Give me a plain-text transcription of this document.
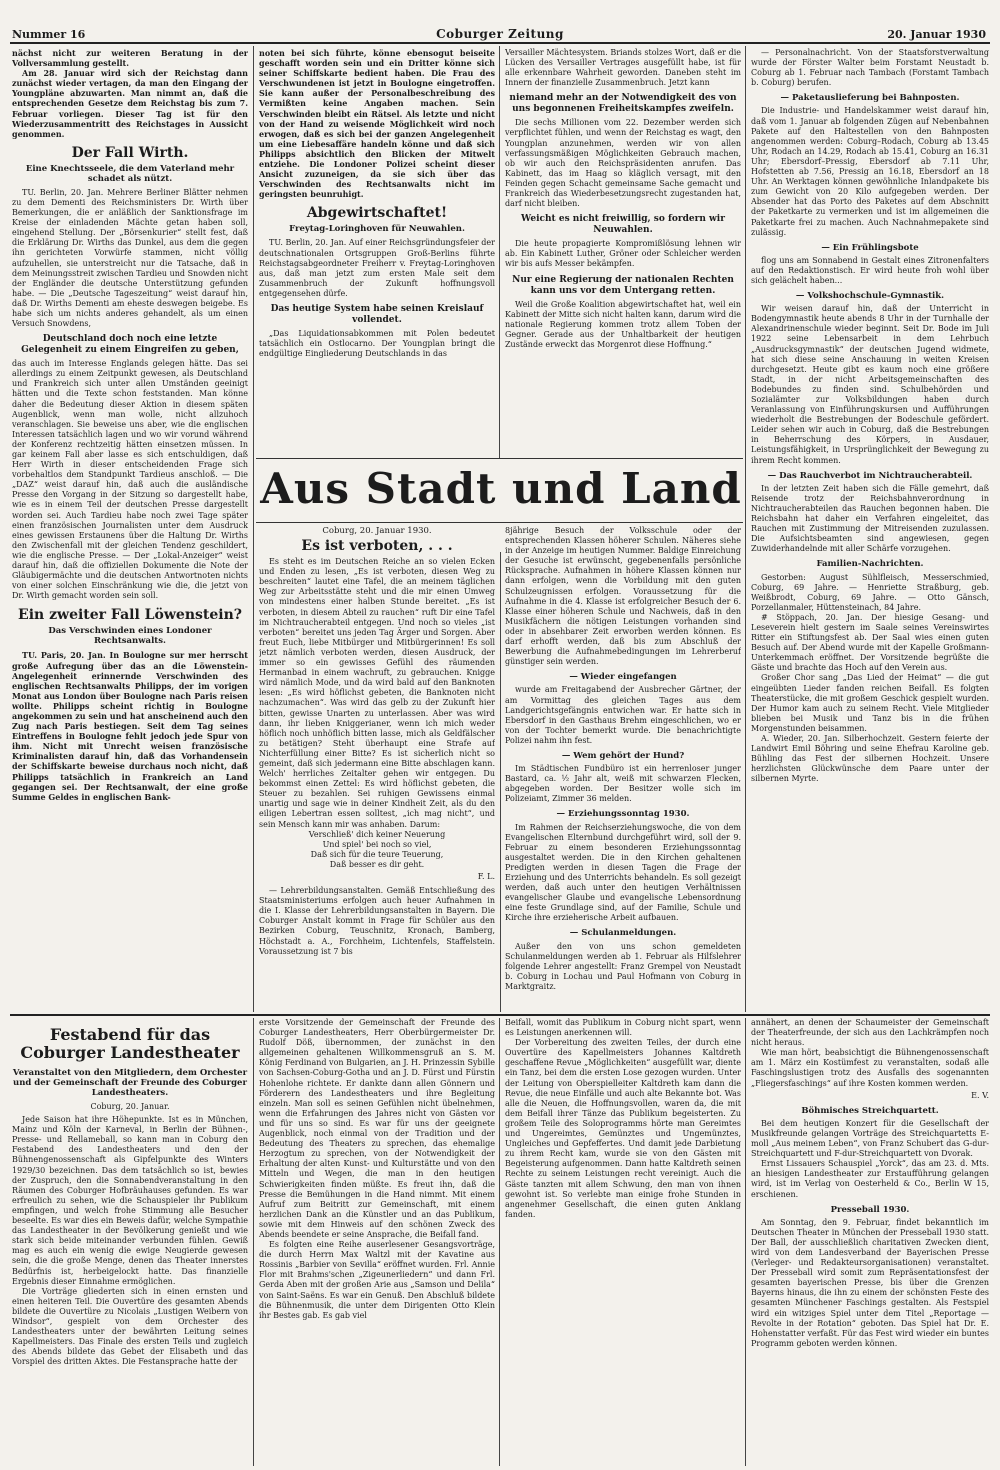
Nummer 16	Coburger Zeitung	20. Januar 1930

nächst nicht zur weiteren Beratung in der Vollversammlung gestellt.

Am 28. Januar wird sich der Reichstag dann zunächst wieder vertagen, da man den Eingang der Youngpläne abzuwarten. Man nimmt an, daß die entsprechenden Gesetze dem Reichstag bis zum 7. Februar vorliegen. Dieser Tag ist für den Wiederzusammentritt des Reichstages in Aussicht genommen.

Der Fall Wirth.
Eine Knechtsseele, die dem Vaterland mehr schadet als nützt.

TU. Berlin, 20. Jan. Mehrere Berliner Blätter nehmen zu dem Dementi des Reichsministers Dr. Wirth über Bemerkungen, die er anläßlich der Sanktionsfrage im Kreise der einladenden Mächte getan haben soll, eingehend Stellung. Der „Börsenkurier“ stellt fest, daß die Erklärung Dr. Wirths das Dunkel, aus dem die gegen ihn gerichteten Vorwürfe stammen, nicht völlig aufzuhellen, sie unterstreicht nur die Tatsache, daß in dem Meinungsstreit zwischen Tardieu und Snowden nicht der Engländer die deutsche Unterstützung gefunden habe. — Die „Deutsche Tageszeitung“ weist darauf hin, daß Dr. Wirths Dementi am eheste deswegen beigebe. Es habe sich um nichts anderes gehandelt, als um einen Versuch Snowdens,

Deutschland doch noch eine letzte Gelegenheit zu einem Eingreifen zu geben,

das auch im Interesse Englands gelegen hätte. Das sei allerdings zu einem Zeitpunkt gewesen, als Deutschland und Frankreich sich unter allen Umständen geeinigt hätten und die Texte schon feststanden. Man könne daher die Bedeutung dieser Aktion in diesem späten Augenblick, wenn man wolle, nicht allzuhoch veranschlagen. Sie beweise uns aber, wie die englischen Interessen tatsächlich lagen und wo wir vorund während der Konferenz rechtzeitig hätten einsetzen müssen. In gar keinem Fall aber lasse es sich entschuldigen, daß Herr Wirth in dieser entscheidenden Frage sich vorbehaltlos dem Standpunkt Tardieus anschloß. — Die „DAZ“ weist darauf hin, daß auch die ausländische Presse den Vorgang in der Sitzung so dargestellt habe, wie es in einem Teil der deutschen Presse dargestellt worden sei. Auch Tardieu habe noch zwei Tage später einen französischen Journalisten unter dem Ausdruck eines gewissen Erstaunens über die Haltung Dr. Wirths den Zwischenfall mit der gleichen Tendenz geschildert, wie die englische Presse. — Der „Lokal-Anzeiger“ weist darauf hin, daß die offiziellen Dokumente die Note der Gläubigermächte und die deutschen Antwortnoten nichts von einer solchen Einschränkung wie die, die jetzt von Dr. Wirth gemacht worden sein soll.

Ein zweiter Fall Löwenstein?
Das Verschwinden eines Londoner Rechtsanwalts.

TU. Paris, 20. Jan. In Boulogne sur mer herrscht große Aufregung über das an die Löwenstein-Angelegenheit erinnernde Verschwinden des englischen Rechtsanwalts Philipps, der im vorigen Monat aus London über Boulogne nach Paris reisen wollte. Philipps scheint richtig in Boulogne angekommen zu sein und hat anscheinend auch den Zug nach Paris bestiegen. Seit dem Tag seines Eintreffens in Boulogne fehlt jedoch jede Spur von ihm. Nicht mit Unrecht weisen französische Kriminalisten darauf hin, daß das Vorhandensein der Schiffskarte beweise durchaus noch nicht, daß Philipps tatsächlich in Frankreich an Land gegangen sei. Der Rechtsanwalt, der eine große Summe Geldes in englischen Bank-

noten bei sich führte, könne ebensogut beiseite geschafft worden sein und ein Dritter könne sich seiner Schiffskarte bedient haben. Die Frau des Verschwundenen ist jetzt in Boulogne eingetroffen. Sie kann außer der Personalbeschreibung des Vermißten keine Angaben machen. Sein Verschwinden bleibt ein Rätsel. Als letzte und nicht von der Hand zu weisende Möglichkeit wird noch erwogen, daß es sich bei der ganzen Angelegenheit um eine Liebesaffäre handeln könne und daß sich Philipps absichtlich den Blicken der Mitwelt entziehe. Die Londoner Polizei scheint dieser Ansicht zuzuneigen, da sie sich über das Verschwinden des Rechtsanwalts nicht im geringsten beunruhigt.

Abgewirtschaftet!
Freytag-Loringhoven für Neuwahlen.

TU. Berlin, 20. Jan. Auf einer Reichsgründungsfeier der deutschnationalen Ortsgruppen Groß-Berlins führte Reichstagsabgeordneter Freiherr v. Freytag-Loringhoven aus, daß man jetzt zum ersten Male seit dem Zusammenbruch der Zukunft hoffnungsvoll entgegensehen dürfe.

Das heutige System habe seinen Kreislauf vollendet.

„Das Liquidationsabkommen mit Polen bedeutet tatsächlich ein Ostlocarno. Der Youngplan bringt die endgültige Eingliederung Deutschlands in das

Versailler Mächtesystem. Briands stolzes Wort, daß er die Lücken des Versailler Vertrages ausgefüllt habe, ist für alle erkennbare Wahrheit geworden. Daneben steht im Innern der finanzielle Zusammenbruch. Jetzt kann

niemand mehr an der Notwendigkeit des von uns begonnenen Freiheitskampfes zweifeln.

Die sechs Millionen vom 22. Dezember werden sich verpflichtet fühlen, und wenn der Reichstag es wagt, den Youngplan anzunehmen, werden wir von allen verfassungsmäßigen Möglichkeiten Gebrauch machen, ob wir auch den Reichspräsidenten anrufen. Das Kabinett, das im Haag so kläglich versagt, mit den Feinden gegen Schacht gemeinsame Sache gemacht und Frankreich das Wiederbesetzungsrecht zugestanden hat, darf nicht bleiben.

Weicht es nicht freiwillig, so fordern wir Neuwahlen.

Die heute propagierte Kompromißlösung lehnen wir ab. Ein Kabinett Luther, Gröner oder Schleicher werden wir bis aufs Messer bekämpfen.

Nur eine Regierung der nationalen Rechten kann uns vor dem Untergang retten.

Weil die Große Koalition abgewirtschaftet hat, weil ein Kabinett der Mitte sich nicht halten kann, darum wird die nationale Regierung kommen trotz allem Toben der Gegner. Gerade aus der Unhaltbarkeit der heutigen Zustände erweckt das Morgenrot diese Hoffnung.“

— Personalnachricht. Von der Staatsforstverwaltung wurde der Förster Walter beim Forstamt Neustadt b. Coburg ab 1. Februar nach Tambach (Forstamt Tambach b. Coburg) berufen.

— Paketauslieferung bei Bahnposten.

Die Industrie- und Handelskammer weist darauf hin, daß vom 1. Januar ab folgenden Zügen auf Nebenbahnen Pakete auf den Haltestellen von den Bahnposten angenommen werden: Coburg–Rodach, Coburg ab 13.45 Uhr, Rodach an 14.29, Rodach ab 15.41, Coburg an 16.31 Uhr; Ebersdorf–Pressig, Ebersdorf ab 7.11 Uhr, Hofstetten ab 7.56, Pressig an 16.18, Ebersdorf an 18 Uhr. An Werktagen können gewöhnliche Inlandpakete bis zum Gewicht von 20 Kilo aufgegeben werden. Der Absender hat das Porto des Paketes auf dem Abschnitt der Paketkarte zu vermerken und ist im allgemeinen die Paketkarte frei zu machen. Auch Nachnahmepakete sind zulässig.

— Ein Frühlingsbote

flog uns am Sonnabend in Gestalt eines Zitronenfalters auf den Redaktionstisch. Er wird heute froh wohl über sich gelächelt haben...

— Volkshochschule-Gymnastik.

Wir weisen darauf hin, daß der Unterricht in Bodengymnastik heute abends 8 Uhr in der Turnhalle der Alexandrinenschule wieder beginnt. Seit Dr. Bode im Juli 1922 seine Lebensarbeit in dem Lehrbuch „Ausdrucksgymnastik“ der deutschen Jugend widmete, hat sich diese seine Anschauung in weiten Kreisen durchgesetzt. Heute gibt es kaum noch eine größere Stadt, in der nicht Arbeitsgemeinschaften des Bodebundes zu finden sind. Schulbehörden und Sozialämter zur Volksbildungen haben durch Veranlassung von Einführungskursen und Aufführungen wiederholt die Bestrebungen der Bodeschule gefördert. Leider sehen wir auch in Coburg, daß die Bestrebungen in Beherrschung des Körpers, in Ausdauer, Leistungsfähigkeit, in Ursprünglichkeit der Bewegung zu ihrem Recht kommen.

— Das Rauchverbot im Nichtraucherabteil.

In der letzten Zeit haben sich die Fälle gemehrt, daß Reisende trotz der Reichsbahnverordnung in Nichtraucherabteilen das Rauchen begonnen haben. Die Reichsbahn hat daher ein Verfahren eingeleitet, das Rauchen mit Zustimmung der Mitreisenden zuzulassen. Die Aufsichtsbeamten sind angewiesen, gegen Zuwiderhandelnde mit aller Schärfe vorzugehen.

Familien-Nachrichten.

Gestorben: August Sühlfleisch, Messerschmied, Coburg, 69 Jahre. — Henriette Straßburg, geb. Weißbrodt, Coburg, 69 Jahre. — Otto Gänsch, Porzellanmaler, Hüttensteinach, 84 Jahre.

# Stöppach, 20. Jan. Der hiesige Gesang- und Leseverein hielt gestern im Saale seines Vereinswirtes Ritter ein Stiftungsfest ab. Der Saal wies einen guten Besuch auf. Der Abend wurde mit der Kapelle Großmann-Unterkemmach eröffnet. Der Vorsitzende begrüßte die Gäste und brachte das Hoch auf den Verein aus.

Großer Chor sang „Das Lied der Heimat“ — die gut eingeübten Lieder fanden reichen Beifall. Es folgten Theaterstücke, die mit großem Geschick gespielt wurden. Der Humor kam auch zu seinem Recht. Viele Mitglieder blieben bei Musik und Tanz bis in die frühen Morgenstunden beisammen.

A. Wieder, 20. Jan. Silberhochzeit. Gestern feierte der Landwirt Emil Böhring und seine Ehefrau Karoline geb. Bühling das Fest der silbernen Hochzeit. Unsere herzlichsten Glückwünsche dem Paare unter der silbernen Myrte.

Aus Stadt und Land

Coburg, 20. Januar 1930.

Es ist verboten, . . .

Es steht es im Deutschen Reiche an so vielen Ecken und Enden zu lesen, „Es ist verboten, diesen Weg zu beschreiten“ lautet eine Tafel, die an meinem täglichen Weg zur Arbeitsstätte steht und die mir einen Umweg von mindestens einer halben Stunde bereitet. „Es ist verboten, in diesem Abteil zu rauchen“ ruft Dir eine Tafel im Nichtraucherabteil entgegen. Und noch so vieles „ist verboten“ bereitet uns jeden Tag Ärger und Sorgen. Aber freut Euch, liebe Mitbürger und Mitbürgerinnen! Es soll jetzt nämlich verboten werden, diesen Ausdruck, der immer so ein gewisses Gefühl des räumenden Hermanbad in einem wachruft, zu gebrauchen. Knigge wird nämlich Mode, und da wird bald auf den Banknoten lesen: „Es wird höflichst gebeten, die Banknoten nicht nachzumachen“. Was wird das gelb zu der Zukunft hier bitten, gewisse Unarten zu unterlassen. Aber was wird dann, ihr lieben Kniggerianer, wenn ich mich weder höflich noch unhöflich bitten lasse, mich als Geldfälscher zu betätigen? Steht überhaupt eine Strafe auf Nichterfüllung einer Bitte? Es ist sicherlich nicht so gemeint, daß sich jedermann eine Bitte abschlagen kann. Welch' herrliches Zeitalter gehen wir entgegen. Du bekommst einen Zettel: Es wird höflichst gebeten, die Steuer zu bezahlen. Sei ruhigen Gewissens einmal unartig und sage wie in deiner Kindheit Zeit, als du den eiligen Lebertran essen solltest, „ich mag nicht“, und sein Mensch kann mir was anhaben. Darum:

Verschließ' dich keiner Neuerung

Und spiel' bei noch so viel,

Daß sich für die teure Teuerung,

Daß besser es dir geht.

F. L.

— Lehrerbildungsanstalten. Gemäß Entschließung des Staatsministeriums erfolgen auch heuer Aufnahmen in die I. Klasse der Lehrerbildungsanstalten in Bayern. Die Coburger Anstalt kommt in Frage für Schüler aus den Bezirken Coburg, Teuschnitz, Kronach, Bamberg, Höchstadt a. A., Forchheim, Lichtenfels, Staffelstein. Voraussetzung ist 7 bis

8jährige Besuch der Volksschule oder der entsprechenden Klassen höherer Schulen. Näheres siehe in der Anzeige im heutigen Nummer. Baldige Einreichung der Gesuche ist erwünscht, gegebenenfalls persönliche Rücksprache. Aufnahmen in höhere Klassen können nur dann erfolgen, wenn die Vorbildung mit den guten Schulzeugnissen erfolgen. Voraussetzung für die Aufnahme in die 4. Klasse ist erfolgreicher Besuch der 6. Klasse einer höheren Schule und Nachweis, daß in den Musikfächern die nötigen Leistungen vorhanden sind oder in absehbarer Zeit erworben werden können. Es darf erhofft werden, daß bis zum Abschluß der Bewerbung die Aufnahmebedingungen im Lehrerberuf günstiger sein werden.

— Wieder eingefangen

wurde am Freitagabend der Ausbrecher Gärtner, der am Vormittag des gleichen Tages aus dem Landgerichtsgefängnis entwichen war. Er hatte sich in Ebersdorf in den Gasthaus Brehm eingeschlichen, wo er von der Tochter bemerkt wurde. Die benachrichtigte Polizei nahm ihn fest.

— Wem gehört der Hund?

Im Städtischen Fundbüro ist ein herrenloser junger Bastard, ca. ½ Jahr alt, weiß mit schwarzen Flecken, abgegeben worden. Der Besitzer wolle sich im Polizeiamt, Zimmer 36 melden.

— Erziehungssonntag 1930.

Im Rahmen der Reichserziehungswoche, die von dem Evangelischen Elternbund durchgeführt wird, soll der 9. Februar zu einem besonderen Erziehungssonntag ausgestaltet werden. Die in den Kirchen gehaltenen Predigten werden in diesen Tagen die Frage der Erziehung und des Unterrichts behandeln. Es soll gezeigt werden, daß auch unter den heutigen Verhältnissen evangelischer Glaube und evangelische Lebensordnung eine feste Grundlage sind, auf der Familie, Schule und Kirche ihre erzieherische Arbeit aufbauen.

— Schulanmeldungen.

Außer den von uns schon gemeldeten Schulanmeldungen werden ab 1. Februar als Hilfslehrer folgende Lehrer angestellt: Franz Grempel von Neustadt b. Coburg in Lochau und Paul Hofmann von Coburg in Marktgraitz.

Festabend für das Coburger Landestheater
Veranstaltet von den Mitgliedern, dem Orchester und der Gemeinschaft der Freunde des Coburger Landestheaters.

Coburg, 20. Januar.

Jede Saison hat ihre Höhepunkte. Ist es in München, Mainz und Köln der Karneval, in Berlin der Bühnen-, Presse- und Rellameball, so kann man in Coburg den Festabend des Landestheaters und den der Bühnengenossenschaft als Gipfelpunkte des Winters 1929/30 bezeichnen. Das dem tatsächlich so ist, bewies der Zuspruch, den die Sonnabendveranstaltung in den Räumen des Coburger Hofbräuhauses gefunden. Es war erfreulich zu sehen, wie die Schauspieler ihr Publikum empfingen, und welch frohe Stimmung alle Besucher beseelte. Es war dies ein Beweis dafür, welche Sympathie das Landestheater in der Bevölkerung genießt und wie stark sich beide miteinander verbunden fühlen. Gewiß mag es auch ein wenig die ewige Neugierde gewesen sein, die die große Menge, denen das Theater innerstes Bedürfnis ist, herbeigelockt hatte. Das finanzielle Ergebnis dieser Einnahme ermöglichen.

Die Vorträge gliederten sich in einen ernsten und einen heiteren Teil. Die Ouvertüre des gesamten Abends bildete die Ouvertüre zu Nicolais „Lustigen Weibern von Windsor“, gespielt von dem Orchester des Landestheaters unter der bewährten Leitung seines Kapellmeisters. Das Finale des ersten Teils und zugleich des Abends bildete das Gebet der Elisabeth und das Vorspiel des dritten Aktes. Die Festansprache hatte der

erste Vorsitzende der Gemeinschaft der Freunde des Coburger Landestheaters, Herr Oberbürgermeister Dr. Rudolf Döß, übernommen, der zunächst in den allgemeinen gehaltenen Willkommensgruß an S. M. König Ferdinand von Bulgarien, an J. H. Prinzessin Sybille von Sachsen-Coburg-Gotha und an J. D. Fürst und Fürstin Hohenlohe richtete. Er dankte dann allen Gönnern und Förderern des Landestheaters und ihre Begleitung einzeln. Man soll es seinen Gefühlen nicht übelnehmen, wenn die Erfahrungen des Jahres nicht von Gästen vor und für uns so sind. Es war für uns der geeignete Augenblick, noch einmal von der Tradition und der Bedeutung des Theaters zu sprechen, das ehemalige Herzogtum zu sprechen, von der Notwendigkeit der Erhaltung der alten Kunst- und Kulturstätte und von den Mitteln und Wegen, die man in den heutigen Schwierigkeiten finden müßte. Es freut ihn, daß die Presse die Bemühungen in die Hand nimmt. Mit einem Aufruf zum Beitritt zur Gemeinschaft, mit einem herzlichen Dank an die Künstler und an das Publikum, sowie mit dem Hinweis auf den schönen Zweck des Abends beendete er seine Ansprache, die Beifall fand.

Es folgten eine Reihe auserlesener Gesangsvorträge, die durch Herrn Max Waltzl mit der Kavatine aus Rossinis „Barbier von Sevilla“ eröffnet wurden. Frl. Annie Flor mit Brahms'schen „Zigeunerliedern“ und dann Frl. Gerda Aben mit der großen Arie aus „Samson und Delila“ von Saint-Saëns. Es war ein Genuß. Den Abschluß bildete die Bühnenmusik, die unter dem Dirigenten Otto Klein ihr Bestes gab. Es gab viel

Beifall, womit das Publikum in Coburg nicht spart, wenn es Leistungen anerkennen will.

Der Vorbereitung des zweiten Teiles, der durch eine Ouvertüre des Kapellmeisters Johannes Kaltdreth geschaffene Revue „Möglichkeiten“ ausgefüllt war, diente ein Tanz, bei dem die ersten Lose gezogen wurden. Unter der Leitung von Oberspielleiter Kaltdreth kam dann die Revue, die neue Einfälle und auch alte Bekannte bot. Was alle die Neuen, die Hoffnungsvollen, waren da, die mit dem Beifall ihrer Tänze das Publikum begeisterten. Zu großem Teile des Soloprogramms hörte man Gereimtes und Ungereimtes, Gemünztes und Ungemünztes, Ungleiches und Gepfeffertes. Und damit jede Darbietung zu ihrem Recht kam, wurde sie von den Gästen mit Begeisterung aufgenommen. Dann hatte Kaltdreth seinen Rechte zu seinem Leistungen recht vereinigt. Auch die Gäste tanzten mit allem Schwung, den man von ihnen gewohnt ist. So verlebte man einige frohe Stunden in angenehmer Gesellschaft, die einen guten Anklang fanden.

annähert, an denen der Schaumeister der Gemeinschaft der Theaterfreunde, der sich aus den Lachkrämpfen noch nicht heraus.

Wie man hört, beabsichtigt die Bühnengenossenschaft am 1. März ein Kostümfest zu veranstalten, sodaß alle Faschingslustigen trotz des Ausfalls des sogenannten „Fliegersfaschings“ auf ihre Kosten kommen werden.

E. V.
Böhmisches Streichquartett.

Bei dem heutigen Konzert für die Gesellschaft der Musikfreunde gelangen Vorträge des Streichquartetts E-moll „Aus meinem Leben“, von Franz Schubert das G-dur-Streichquartett und F-dur-Streichquartett von Dvorak.

Ernst Lissauers Schauspiel „Yorck“, das am 23. d. Mts. an hiesigen Landestheater zur Erstaufführung gelangen wird, ist im Verlag von Oesterheld & Co., Berlin W 15, erschienen.

Presseball 1930.

Am Sonntag, den 9. Februar, findet bekanntlich im Deutschen Theater in München der Presseball 1930 statt. Der Ball, der ausschließlich charitativen Zwecken dient, wird von dem Landesverband der Bayerischen Presse (Verleger- und Redakteursorganisationen) veranstaltet. Der Presseball wird somit zum Repräsentationsfest der gesamten bayerischen Presse, bis über die Grenzen Bayerns hinaus, die ihn zu einem der schönsten Feste des gesamten Münchener Faschings gestalten. Als Festspiel wird ein witziges Spiel unter dem Titel „Reportage — Revolte in der Rotation“ geboten. Das Spiel hat Dr. E. Hohenstatter verfaßt. Für das Fest wird wieder ein buntes Programm geboten werden können.
